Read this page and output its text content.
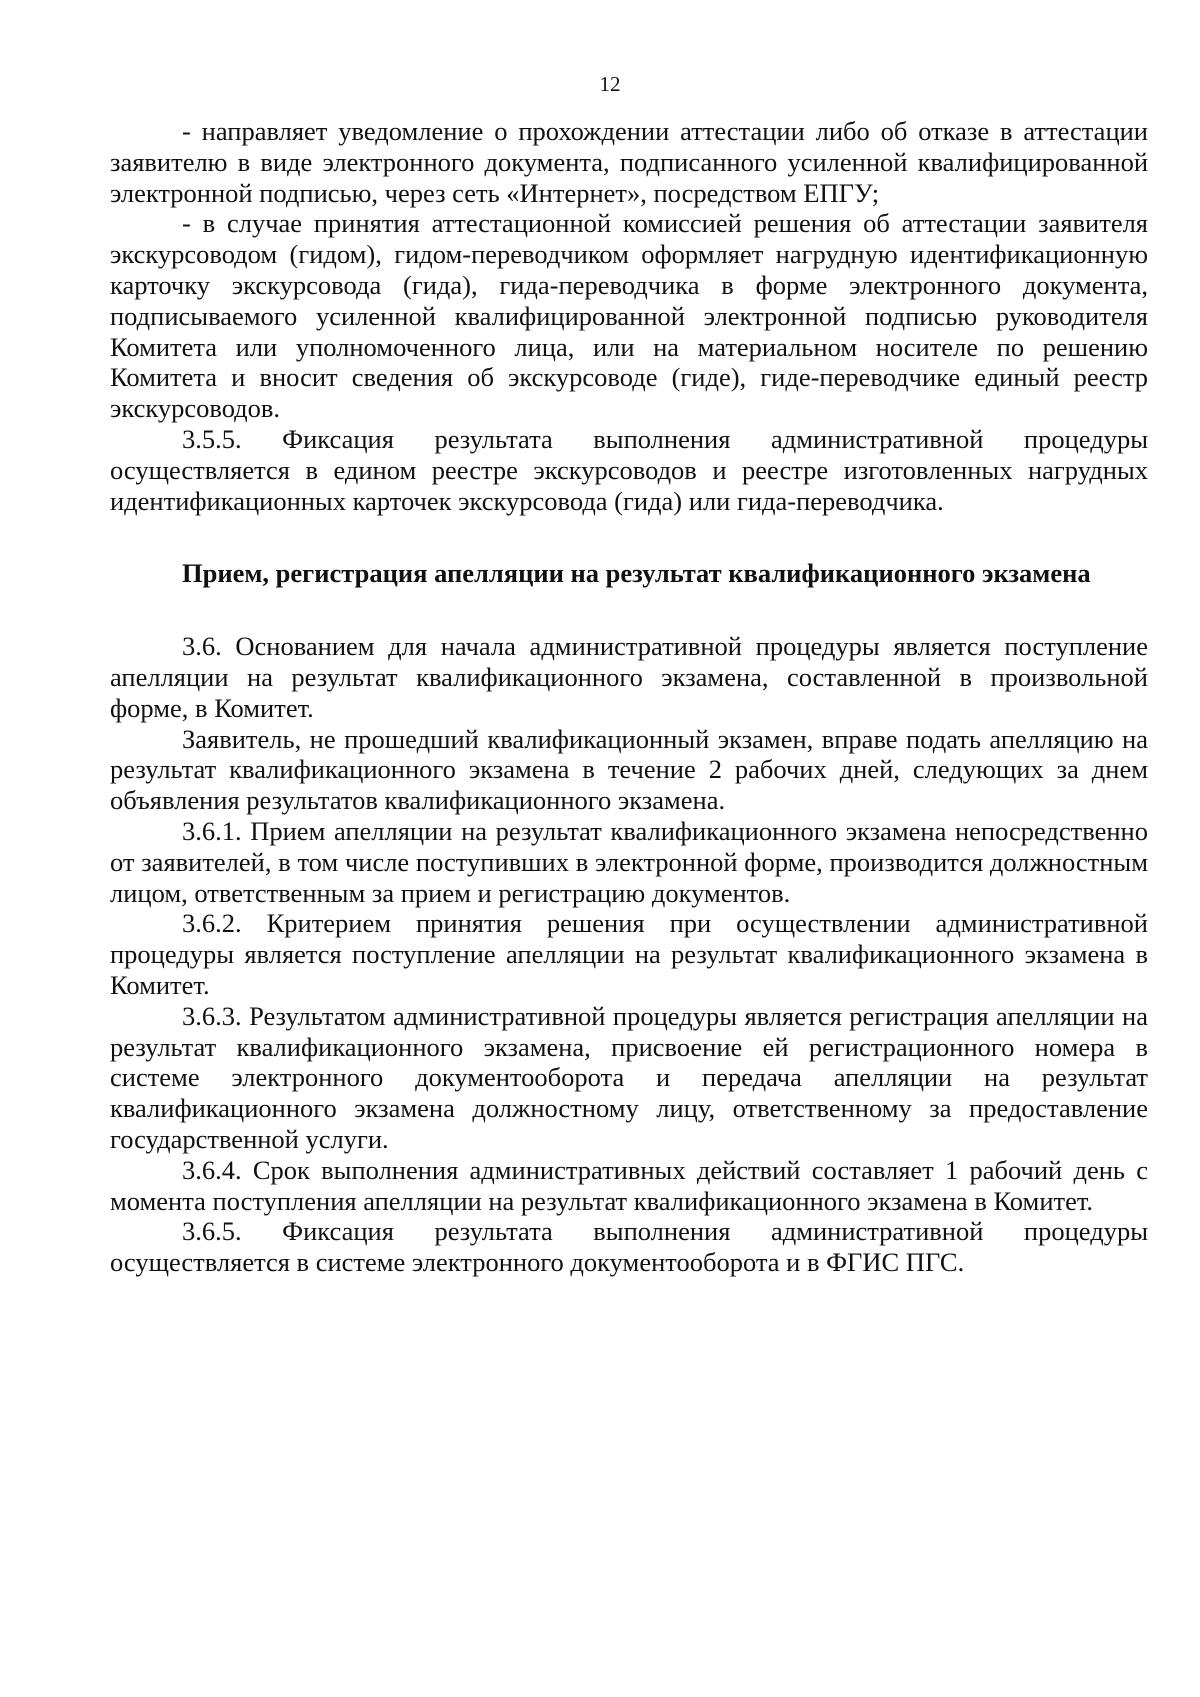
12

- направляет уведомление о прохождении аттестации либо об отказе в аттестации заявителю в виде электронного документа, подписанного усиленной квалифицированной электронной подписью, через сеть «Интернет», посредством ЕПГУ;

- в случае принятия аттестационной комиссией решения об аттестации заявителя экскурсоводом (гидом), гидом-переводчиком оформляет нагрудную идентификационную карточку экскурсовода (гида), гида-переводчика в форме электронного документа, подписываемого усиленной квалифицированной электронной подписью руководителя Комитета или уполномоченного лица, или на материальном носителе по решению Комитета и вносит сведения об экскурсоводе (гиде), гиде-переводчике единый реестр экскурсоводов.

3.5.5. Фиксация результата выполнения административной процедуры осуществляется в едином реестре экскурсоводов и реестре изготовленных нагрудных идентификационных карточек экскурсовода (гида) или гида-переводчика.

Прием, регистрация апелляции на результат квалификационного экзамена

3.6. Основанием для начала административной процедуры является поступление апелляции на результат квалификационного экзамена, составленной в произвольной форме, в Комитет.

Заявитель, не прошедший квалификационный экзамен, вправе подать апелляцию на результат квалификационного экзамена в течение 2 рабочих дней, следующих за днем объявления результатов квалификационного экзамена.

3.6.1. Прием апелляции на результат квалификационного экзамена непосредственно от заявителей, в том числе поступивших в электронной форме, производится должностным лицом, ответственным за прием и регистрацию документов.

3.6.2. Критерием принятия решения при осуществлении административной процедуры является поступление апелляции на результат квалификационного экзамена в Комитет.

3.6.3. Результатом административной процедуры является регистрация апелляции на результат квалификационного экзамена, присвоение ей регистрационного номера в системе электронного документооборота и передача апелляции на результат квалификационного экзамена должностному лицу, ответственному за предоставление государственной услуги.

3.6.4. Срок выполнения административных действий составляет 1 рабочий день с момента поступления апелляции на результат квалификационного экзамена в Комитет.

3.6.5. Фиксация результата выполнения административной процедуры осуществляется в системе электронного документооборота и в ФГИС ПГС.
